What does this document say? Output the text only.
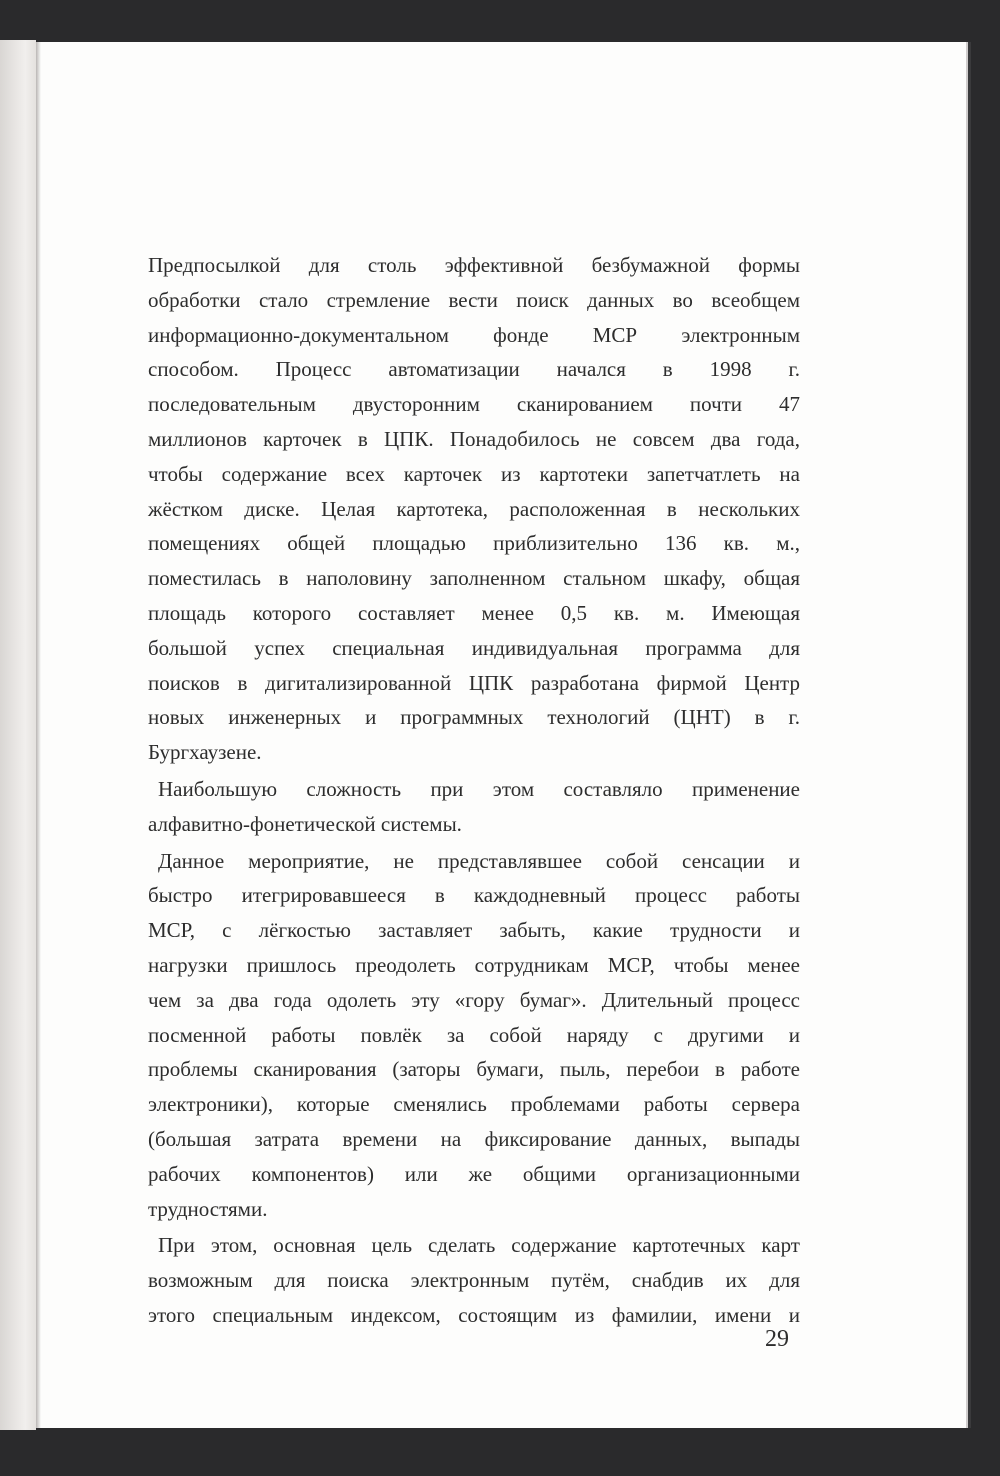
Предпосылкой для столь эффективной безбумажной формы
обработки стало стремление вести поиск данных во всеобщем
информационно-документальном фонде МСР электронным
способом. Процесс автоматизации начался в 1998 г.
последовательным двусторонним сканированием почти 47
миллионов карточек в ЦПК. Понадобилось не совсем два года,
чтобы содержание всех карточек из картотеки запетчатлеть на
жёстком диске. Целая картотека, расположенная в нескольких
помещениях общей площадью приблизительно 136 кв. м.,
поместилась в наполовину заполненном стальном шкафу, общая
площадь которого составляет менее 0,5 кв. м. Имеющая
большой успех специальная индивидуальная программа для
поисков в дигитализированной ЦПК разработана фирмой Центр
новых инженерных и программных технологий (ЦНТ) в г.
Бургхаузене.

Наибольшую сложность при этом составляло применение
алфавитно-фонетической системы.

Данное мероприятие, не представлявшее собой сенсации и
быстро итегрировавшееся в каждодневный процесс работы
МСР, с лёгкостью заставляет забыть, какие трудности и
нагрузки пришлось преодолеть сотрудникам МСР, чтобы менее
чем за два года одолеть эту «гору бумаг». Длительный процесс
посменной работы повлёк за собой наряду с другими и
проблемы сканирования (заторы бумаги, пыль, перебои в работе
электроники), которые сменялись проблемами работы сервера
(большая затрата времени на фиксирование данных, выпады
рабочих компонентов) или же общими организационными
трудностями.

При этом, основная цель сделать содержание картотечных карт
возможным для поиска электронным путём, снабдив их для
этого специальным индексом, состоящим из фамилии, имени и

29
